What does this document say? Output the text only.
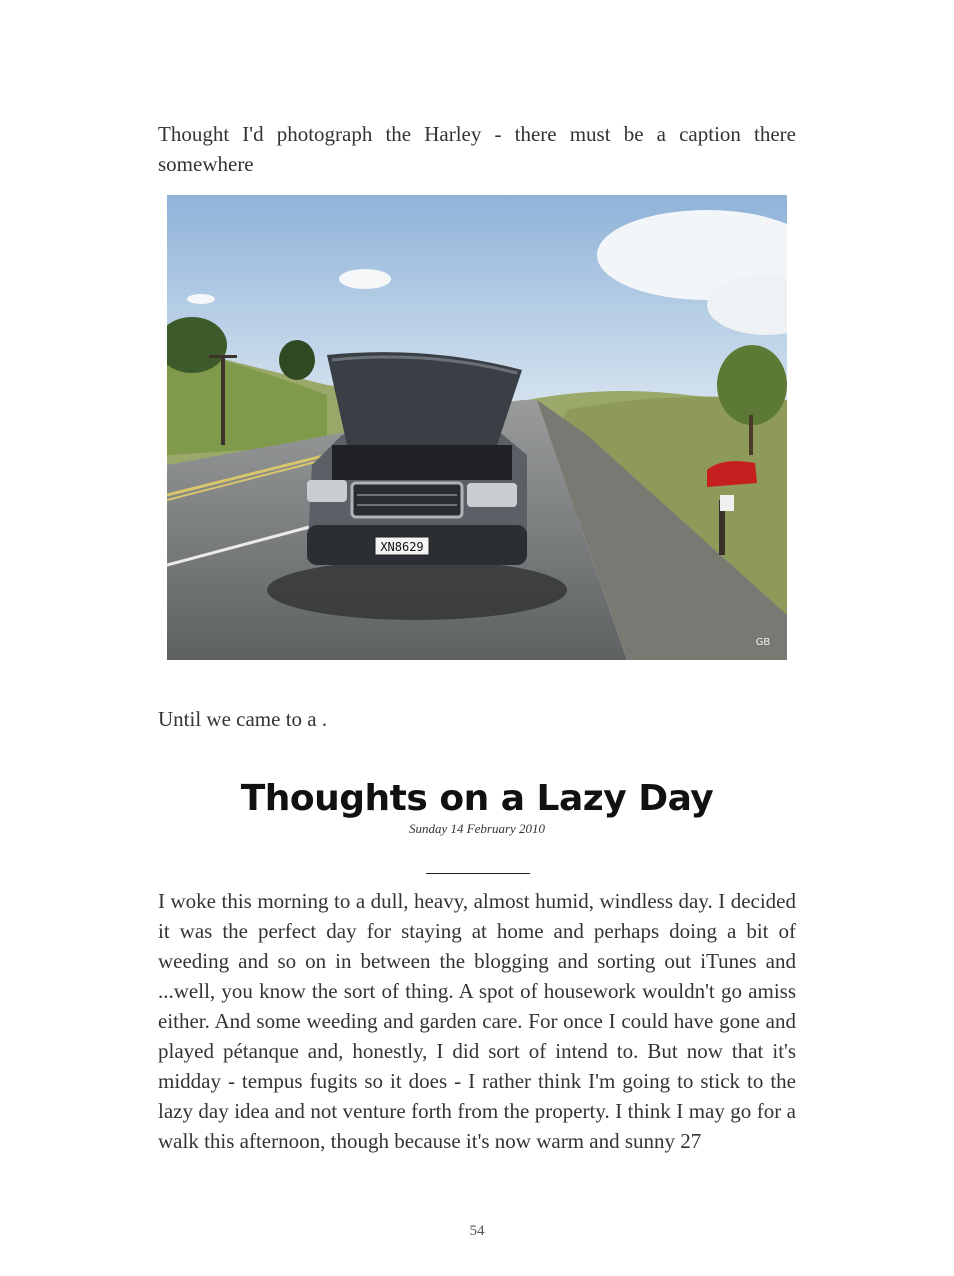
Thought I'd photograph the Harley - there must be a caption there somewhere

XN8629
GB

Until we came to a .

Thoughts on a Lazy Day

Sunday 14 February 2010

I woke this morning to a dull, heavy, almost humid, windless day. I decided it was the perfect day for staying at home and perhaps doing a bit of weeding and so on in between the blogging and sorting out iTunes and ...well, you know the sort of thing. A spot of housework wouldn't go amiss either. And some weeding and garden care. For once I could have gone and played pétanque and, honestly, I did sort of intend to. But now that it's midday - tempus fugits so it does - I rather think I'm going to stick to the lazy day idea and not venture forth from the property. I think I may go for a walk this afternoon, though because it's now warm and sunny 27

54
